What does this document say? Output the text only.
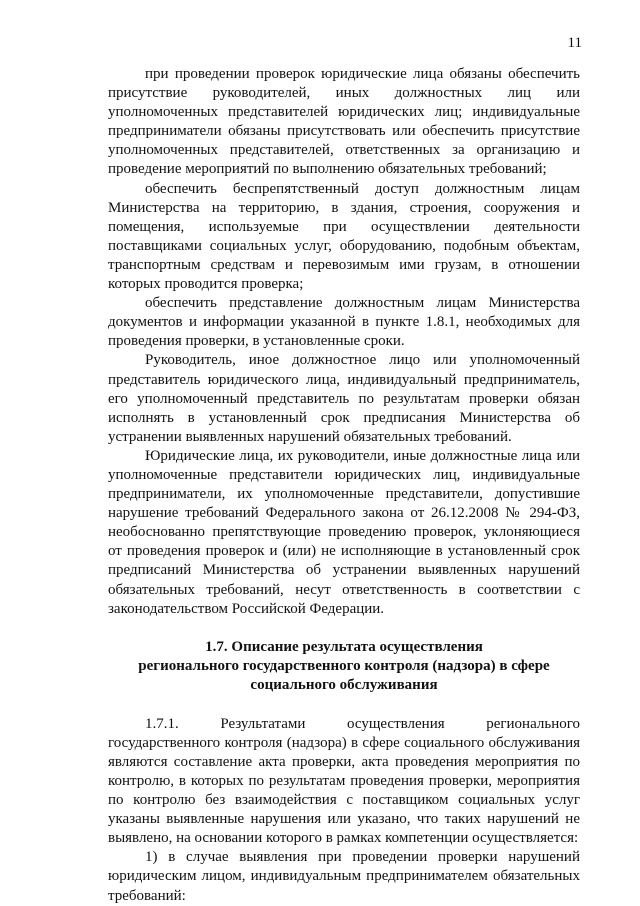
11

при проведении проверок юридические лица обязаны обеспечить присутствие руководителей, иных должностных лиц или уполномоченных представителей юридических лиц; индивидуальные предприниматели обязаны присутствовать или обеспечить присутствие уполномоченных представителей, ответственных за организацию и проведение мероприятий по выполнению обязательных требований;

обеспечить беспрепятственный доступ должностным лицам Министерства на территорию, в здания, строения, сооружения и помещения, используемые при осуществлении деятельности поставщиками социальных услуг, оборудованию, подобным объектам, транспортным средствам и перевозимым ими грузам, в отношении которых проводится проверка;

обеспечить представление должностным лицам Министерства документов и информации указанной в пункте 1.8.1, необходимых для проведения проверки, в установленные сроки.

Руководитель, иное должностное лицо или уполномоченный представитель юридического лица, индивидуальный предприниматель, его уполномоченный представитель по результатам проверки обязан исполнять в установленный срок предписания Министерства об устранении выявленных нарушений обязательных требований.

Юридические лица, их руководители, иные должностные лица или уполномоченные представители юридических лиц, индивидуальные предприниматели, их уполномоченные представители, допустившие нарушение требований Федерального закона от 26.12.2008 № 294-ФЗ, необоснованно препятствующие проведению проверок, уклоняющиеся от проведения проверок и (или) не исполняющие в установленный срок предписаний Министерства об устранении выявленных нарушений обязательных требований, несут ответственность в соответствии с законодательством Российской Федерации.

1.7. Описание результата осуществления
регионального государственного контроля (надзора) в сфере
социального обслуживания

1.7.1. Результатами осуществления регионального государственного контроля (надзора) в сфере социального обслуживания являются составление акта проверки, акта проведения мероприятия по контролю, в которых по результатам проведения проверки, мероприятия по контролю без взаимодействия с поставщиком социальных услуг указаны выявленные нарушения или указано, что таких нарушений не выявлено, на основании которого в рамках компетенции осуществляется:

1) в случае выявления при проведении проверки нарушений юридическим лицом, индивидуальным предпринимателем обязательных требований:
